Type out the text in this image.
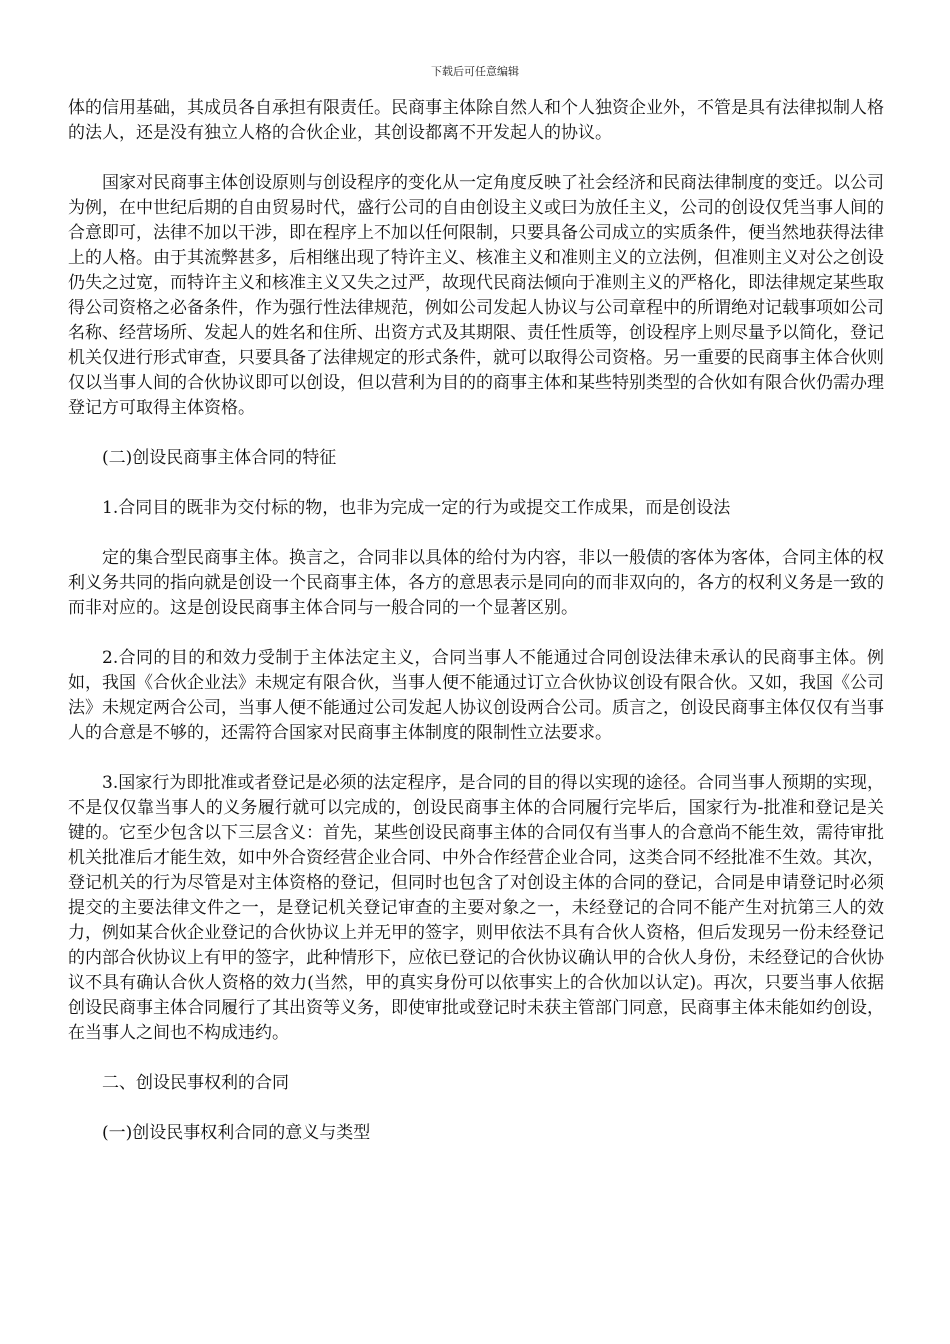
下载后可任意编辑

体的信用基础，其成员各自承担有限责任。民商事主体除自然人和个人独资企业外，不管是具有法律拟制人格的法人，还是没有独立人格的合伙企业，其创设都离不开发起人的协议。

国家对民商事主体创设原则与创设程序的变化从一定角度反映了社会经济和民商法律制度的变迁。以公司为例，在中世纪后期的自由贸易时代，盛行公司的自由创设主义或曰为放任主义，公司的创设仅凭当事人间的合意即可，法律不加以干涉，即在程序上不加以任何限制，只要具备公司成立的实质条件，便当然地获得法律上的人格。由于其流弊甚多，后相继出现了特许主义、核准主义和准则主义的立法例，但准则主义对公之创设仍失之过宽，而特许主义和核准主义又失之过严，故现代民商法倾向于准则主义的严格化，即法律规定某些取得公司资格之必备条件，作为强行性法律规范，例如公司发起人协议与公司章程中的所谓绝对记载事项如公司名称、经营场所、发起人的姓名和住所、出资方式及其期限、责任性质等，创设程序上则尽量予以简化，登记机关仅进行形式审查，只要具备了法律规定的形式条件，就可以取得公司资格。另一重要的民商事主体合伙则仅以当事人间的合伙协议即可以创设，但以营利为目的的商事主体和某些特别类型的合伙如有限合伙仍需办理登记方可取得主体资格。

(二)创设民商事主体合同的特征

1.合同目的既非为交付标的物，也非为完成一定的行为或提交工作成果，而是创设法

定的集合型民商事主体。换言之，合同非以具体的给付为内容，非以一般债的客体为客体，合同主体的权利义务共同的指向就是创设一个民商事主体，各方的意思表示是同向的而非双向的，各方的权利义务是一致的而非对应的。这是创设民商事主体合同与一般合同的一个显著区别。

2.合同的目的和效力受制于主体法定主义，合同当事人不能通过合同创设法律未承认的民商事主体。例如，我国《合伙企业法》未规定有限合伙，当事人便不能通过订立合伙协议创设有限合伙。又如，我国《公司法》未规定两合公司，当事人便不能通过公司发起人协议创设两合公司。质言之，创设民商事主体仅仅有当事人的合意是不够的，还需符合国家对民商事主体制度的限制性立法要求。

3.国家行为即批准或者登记是必须的法定程序，是合同的目的得以实现的途径。合同当事人预期的实现，不是仅仅靠当事人的义务履行就可以完成的，创设民商事主体的合同履行完毕后，国家行为-批准和登记是关键的。它至少包含以下三层含义：首先，某些创设民商事主体的合同仅有当事人的合意尚不能生效，需待审批机关批准后才能生效，如中外合资经营企业合同、中外合作经营企业合同，这类合同不经批准不生效。其次，登记机关的行为尽管是对主体资格的登记，但同时也包含了对创设主体的合同的登记，合同是申请登记时必须提交的主要法律文件之一，是登记机关登记审查的主要对象之一，未经登记的合同不能产生对抗第三人的效力，例如某合伙企业登记的合伙协议上并无甲的签字，则甲依法不具有合伙人资格，但后发现另一份未经登记的内部合伙协议上有甲的签字，此种情形下，应依已登记的合伙协议确认甲的合伙人身份，未经登记的合伙协议不具有确认合伙人资格的效力(当然，甲的真实身份可以依事实上的合伙加以认定)。再次，只要当事人依据创设民商事主体合同履行了其出资等义务，即使审批或登记时未获主管部门同意，民商事主体未能如约创设，在当事人之间也不构成违约。

二、创设民事权利的合同

(一)创设民事权利合同的意义与类型
